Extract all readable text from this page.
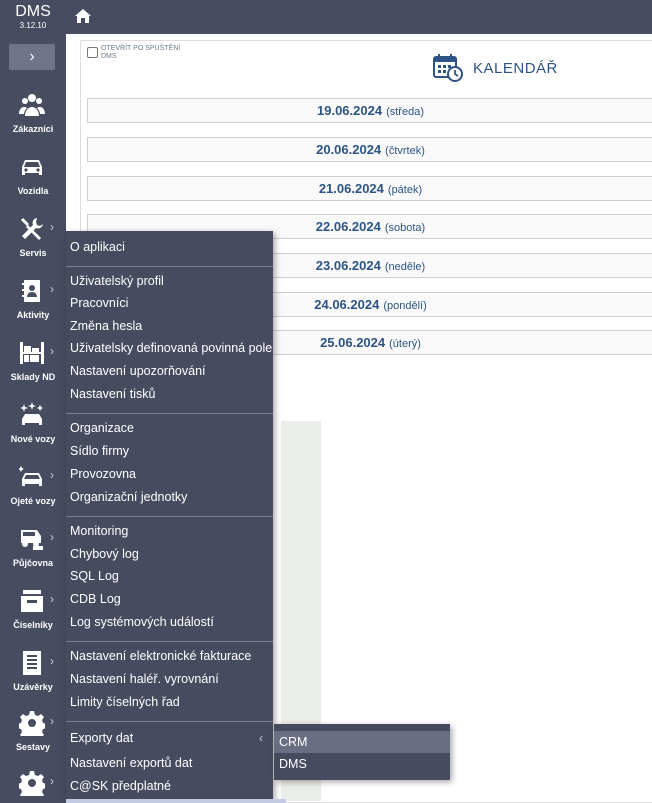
DMS
3.12.10
›
Zákazníci
Vozidla
›
Servis
›
Aktivity
›
Sklady ND
Nové vozy
›
Ojeté vozy
›
Půjčovna
›
Číselníky
›
Uzávěrky
›
Sestavy
›
OTEVŘÍT PO SPUŠTĚNÍ DMS
KALENDÁŘ
19.06.2024 (středa)
20.06.2024 (čtvrtek)
21.06.2024 (pátek)
22.06.2024 (sobota)
23.06.2024 (neděle)
24.06.2024 (pondělí)
25.06.2024 (úterý)
O aplikaci
Uživatelský profil
Pracovníci
Změna hesla
Uživatelsky definovaná povinná pole
Nastavení upozorňování
Nastavení tisků
Organizace
Sídlo firmy
Provozovna
Organizační jednotky
Monitoring
Chybový log
SQL Log
CDB Log
Log systémových událostí
Nastavení elektronické fakturace
Nastavení haléř. vyrovnání
Limity číselných řad
Exporty dat	‹
Nastavení exportů dat
C@SK předplatné
CRM
DMS
